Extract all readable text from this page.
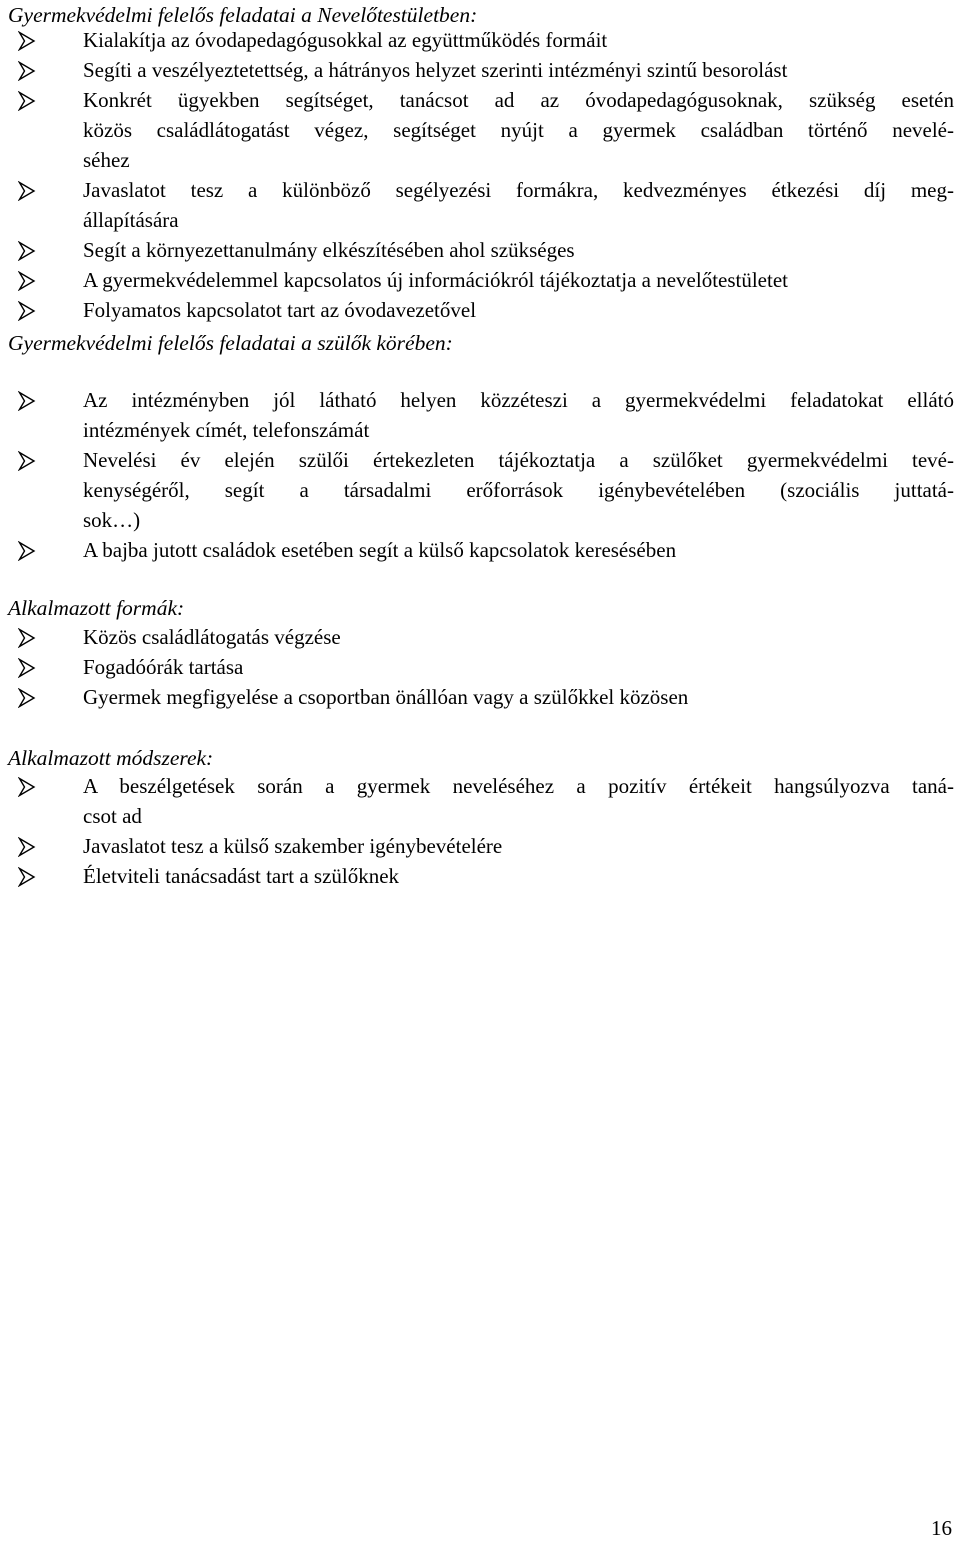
Gyermekvédelmi felelős feladatai a Nevelőtestületben:
Kialakítja az óvodapedagógusokkal az együttműködés formáit
Segíti a veszélyeztetettség, a hátrányos helyzet szerinti intézményi szintű besorolást
Konkrét ügyekben segítséget, tanácsot ad az óvodapedagógusoknak, szükség esetén
közös családlátogatást végez, segítséget nyújt a gyermek családban történő nevelé-
séhez
Javaslatot tesz a különböző segélyezési formákra, kedvezményes étkezési díj meg-
állapítására
Segít a környezettanulmány elkészítésében ahol szükséges
A gyermekvédelemmel kapcsolatos új információkról tájékoztatja a nevelőtestületet
Folyamatos kapcsolatot tart az óvodavezetővel
Gyermekvédelmi felelős feladatai a szülők körében:
Az intézményben jól látható helyen közzéteszi a gyermekvédelmi feladatokat ellátó
intézmények címét, telefonszámát
Nevelési év elején szülői értekezleten tájékoztatja a szülőket gyermekvédelmi tevé-
kenységéről, segít a társadalmi erőforrások igénybevételében (szociális juttatá-
sok…)
A bajba jutott családok esetében segít a külső kapcsolatok keresésében
Alkalmazott formák:
Közös családlátogatás végzése
Fogadóórák tartása
Gyermek megfigyelése a csoportban önállóan vagy a szülőkkel közösen
Alkalmazott módszerek:
A beszélgetések során a gyermek neveléséhez a pozitív értékeit hangsúlyozva taná-
csot ad
Javaslatot tesz a külső szakember igénybevételére
Életviteli tanácsadást tart a szülőknek
16
